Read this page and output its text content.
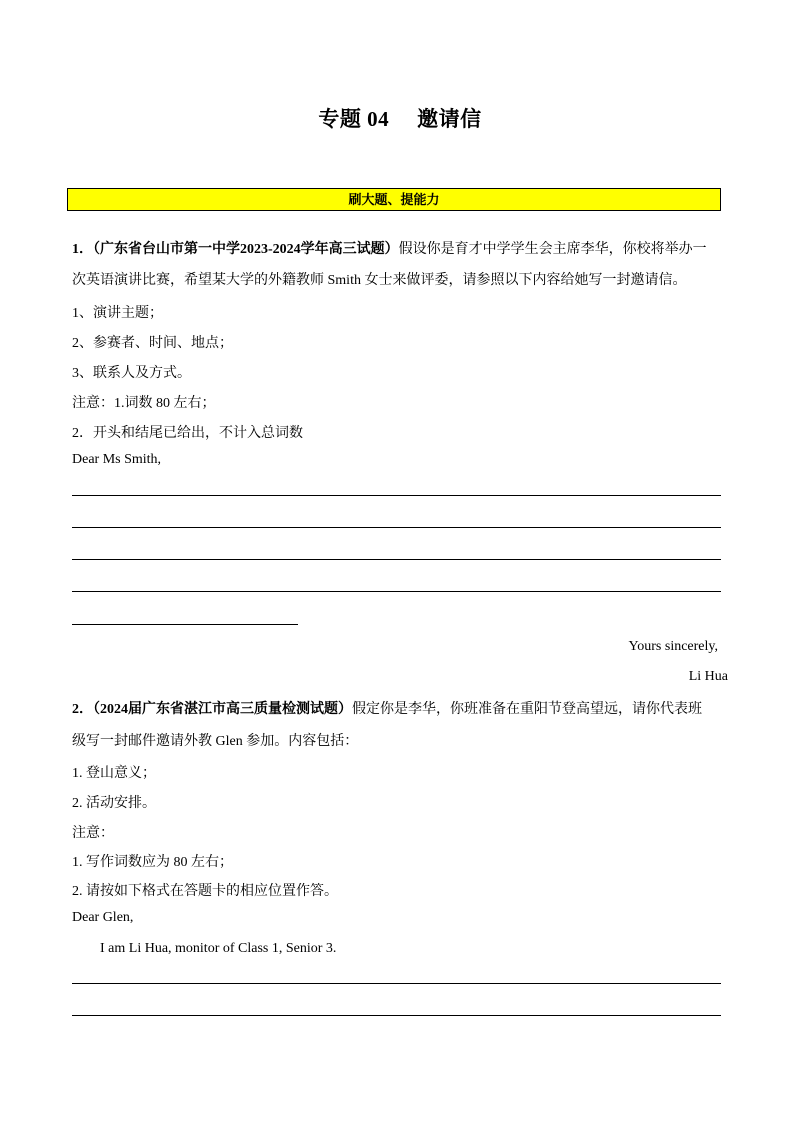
专题 04 邀请信
刷大题、提能力
1．（广东省台山市第一中学2023-2024学年高三试题）假设你是育才中学学生会主席李华，你校将举办一
次英语演讲比赛，希望某大学的外籍教师 Smith 女士来做评委，请参照以下内容给她写一封邀请信。
1、演讲主题；
2、参赛者、时间、地点；
3、联系人及方式。
注意：1.词数 80 左右；
2．开头和结尾已给出，不计入总词数
Dear Ms Smith,
Yours sincerely,
Li Hua
2．（2024届广东省湛江市高三质量检测试题）假定你是李华，你班准备在重阳节登高望远，请你代表班
级写一封邮件邀请外教 Glen 参加。内容包括：
1. 登山意义；
2. 活动安排。
注意：
1. 写作词数应为 80 左右；
2. 请按如下格式在答题卡的相应位置作答。
Dear Glen,
I am Li Hua, monitor of Class 1, Senior 3.
